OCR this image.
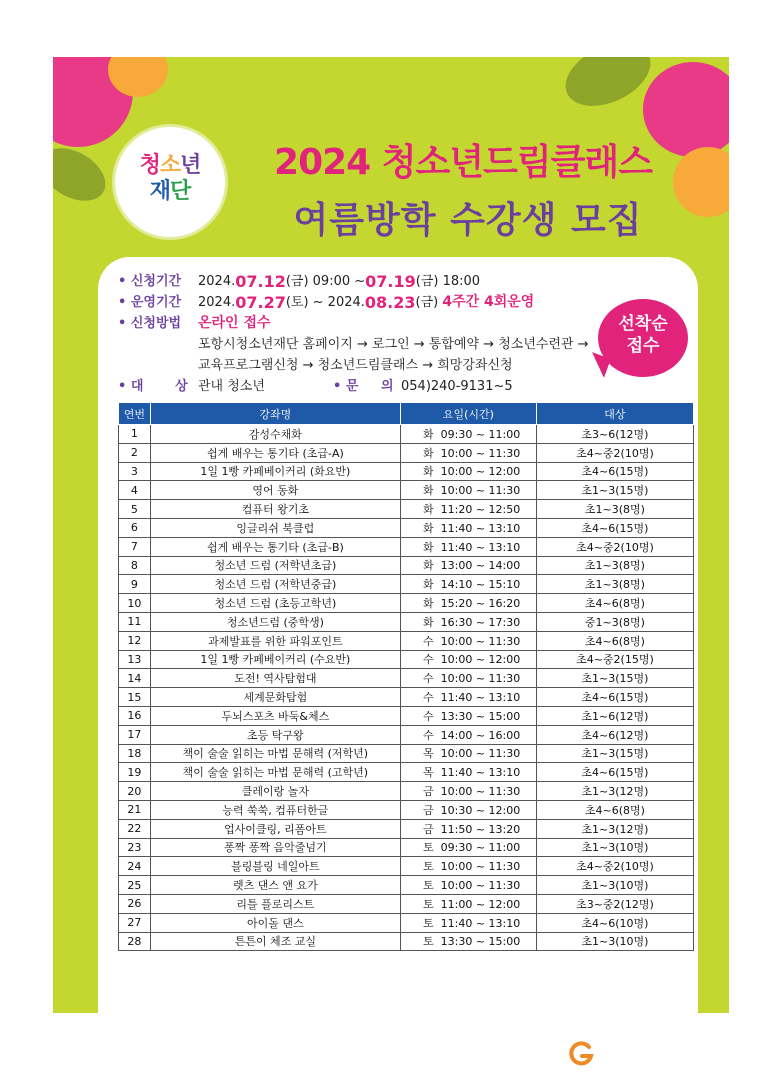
청소년
재단
2024 청소년드림클래스
여름방학 수강생 모집
• 신청기간	2024. 07.12 (금) 09:00 ~ 07.19 (금) 18:00
• 운영기간	2024. 07.27 (토) ~ 2024. 08.23 (금)
4주간 4회운영
• 신청방법	온라인 접수
포항시청소년재단 홈페이지 → 로그인 → 통합예약 → 청소년수련관 →
교육프로그램신청 → 청소년드림클래스 → 희망강좌신청
• 대       상 관내 청소년	• 문     의 054)240-9131~5
선착순
접수
연번	강좌명	요일(시간)	대상
1	감성수채화	화  09:30 ~ 11:00	초3~6(12명)
2	쉽게 배우는 통기타 (초급-A)	화  10:00 ~ 11:30	초4~중2(10명)
3	1일 1빵 카페베이커리 (화요반)	화  10:00 ~ 12:00	초4~6(15명)
4	영어 동화	화  10:00 ~ 11:30	초1~3(15명)
5	컴퓨터 왕기초	화  11:20 ~ 12:50	초1~3(8명)
6	잉글리쉬 북클럽	화  11:40 ~ 13:10	초4~6(15명)
7	쉽게 배우는 통기타 (초급-B)	화  11:40 ~ 13:10	초4~중2(10명)
8	청소년 드럼 (저학년초급)	화  13:00 ~ 14:00	초1~3(8명)
9	청소년 드럼 (저학년중급)	화  14:10 ~ 15:10	초1~3(8명)
10	청소년 드럼 (초등고학년)	화  15:20 ~ 16:20	초4~6(8명)
11	청소년드럼 (중학생)	화  16:30 ~ 17:30	중1~3(8명)
12	과제발표를 위한 파워포인트	수  10:00 ~ 11:30	초4~6(8명)
13	1일 1빵 카페베이커리 (수요반)	수  10:00 ~ 12:00	초4~중2(15명)
14	도전! 역사탐험대	수  10:00 ~ 11:30	초1~3(15명)
15	세계문화탐험	수  11:40 ~ 13:10	초4~6(15명)
16	두뇌스포츠 바둑&체스	수  13:30 ~ 15:00	초1~6(12명)
17	초등 탁구왕	수  14:00 ~ 16:00	초4~6(12명)
18	책이 술술 읽히는 마법 문해력 (저학년)	목  10:00 ~ 11:30	초1~3(15명)
19	책이 술술 읽히는 마법 문해력 (고학년)	목  11:40 ~ 13:10	초4~6(15명)
20	클레이랑 놀자	금  10:00 ~ 11:30	초1~3(12명)
21	능력 쑥쑥, 컴퓨터한글	금  10:30 ~ 12:00	초4~6(8명)
22	업사이클링, 리폼아트	금  11:50 ~ 13:20	초1~3(12명)
23	퐁짝 퐁짝 음악줄넘기	토  09:30 ~ 11:00	초1~3(10명)
24	블링블링 네일아트	토  10:00 ~ 11:30	초4~중2(10명)
25	렛츠 댄스 앤 요가	토  10:00 ~ 11:30	초1~3(10명)
26	리틀 플로리스트	토  11:00 ~ 12:00	초3~중2(12명)
27	아이돌 댄스	토  11:40 ~ 13:10	초4~6(10명)
28	튼튼이 체조 교실	토  13:30 ~ 15:00	초1~3(10명)
